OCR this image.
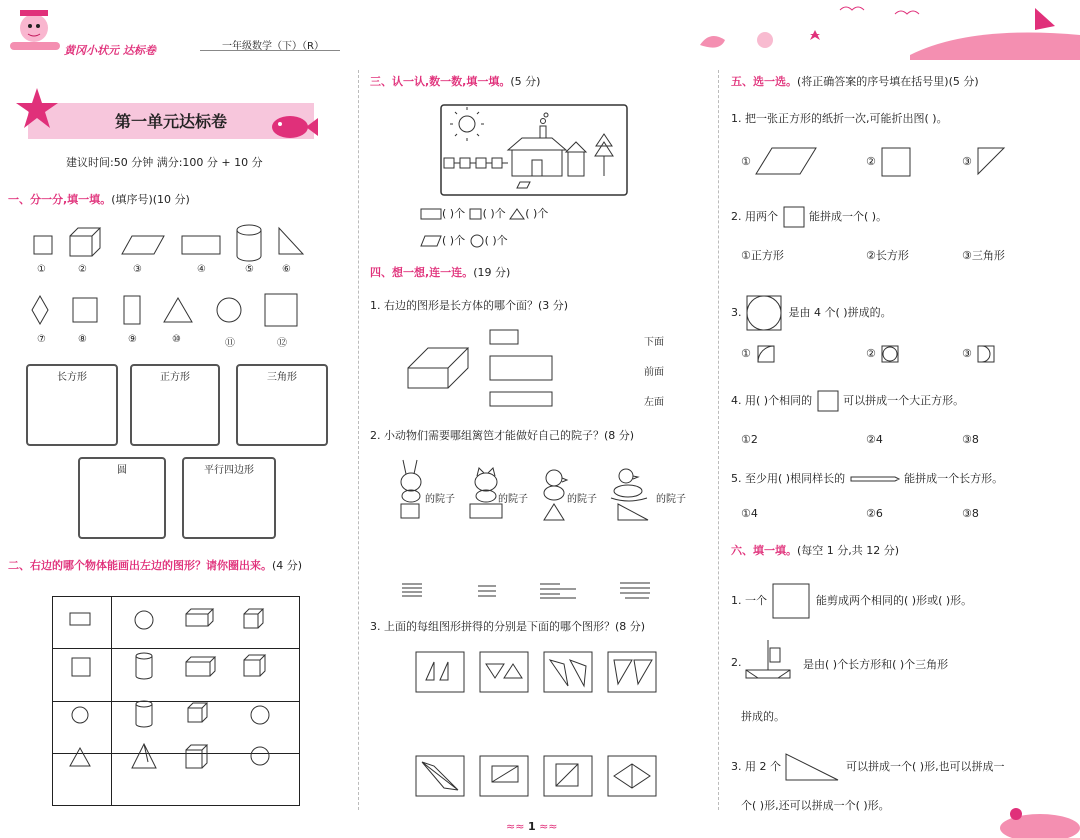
黄冈小状元 达标卷	一年级数学（下）（R）
第一单元达标卷
建议时间:50 分钟 满分:100 分 + 10 分
一、分一分,填一填。(填序号)(10 分)
①	②	③	④	⑤	⑥
⑦	⑧	⑨	⑩	⑪	⑫
长方形	正方形	三角形
圆	平行四边形
二、右边的哪个物体能画出左边的图形？请你圈出来。(4 分)

三、认一认,数一数,填一填。(5 分)
( )个 ( )个 ( )个
( )个 ( )个
四、想一想,连一连。(19 分)
1. 右边的图形是长方体的哪个面？(3 分)
下面
前面
左面
2. 小动物们需要哪组篱笆才能做好自己的院子？(8 分)
的院子	的院子	的院子	的院子
3. 上面的每组图形拼得的分别是下面的哪个图形？(8 分)
≈≈ 1 ≈≈
五、选一选。(将正确答案的序号填在括号里)(5 分)
1. 把一张正方形的纸折一次,可能折出图( )。
①	②	③
2. 用两个	能拼成一个( )。
①正方形	②长方形	③三角形
3.	是由 4 个( )拼成的。
①	②	③
4. 用( )个相同的	可以拼成一个大正方形。
①2	②4	③8
5. 至少用( )根同样长的	能拼成一个长方形。
①4	②6	③8
六、填一填。(每空 1 分,共 12 分)
1. 一个	能剪成两个相同的( )形或( )形。
2.	是由( )个长方形和( )个三角形
拼成的。
3. 用 2 个	可以拼成一个( )形,也可以拼成一
个( )形,还可以拼成一个( )形。
